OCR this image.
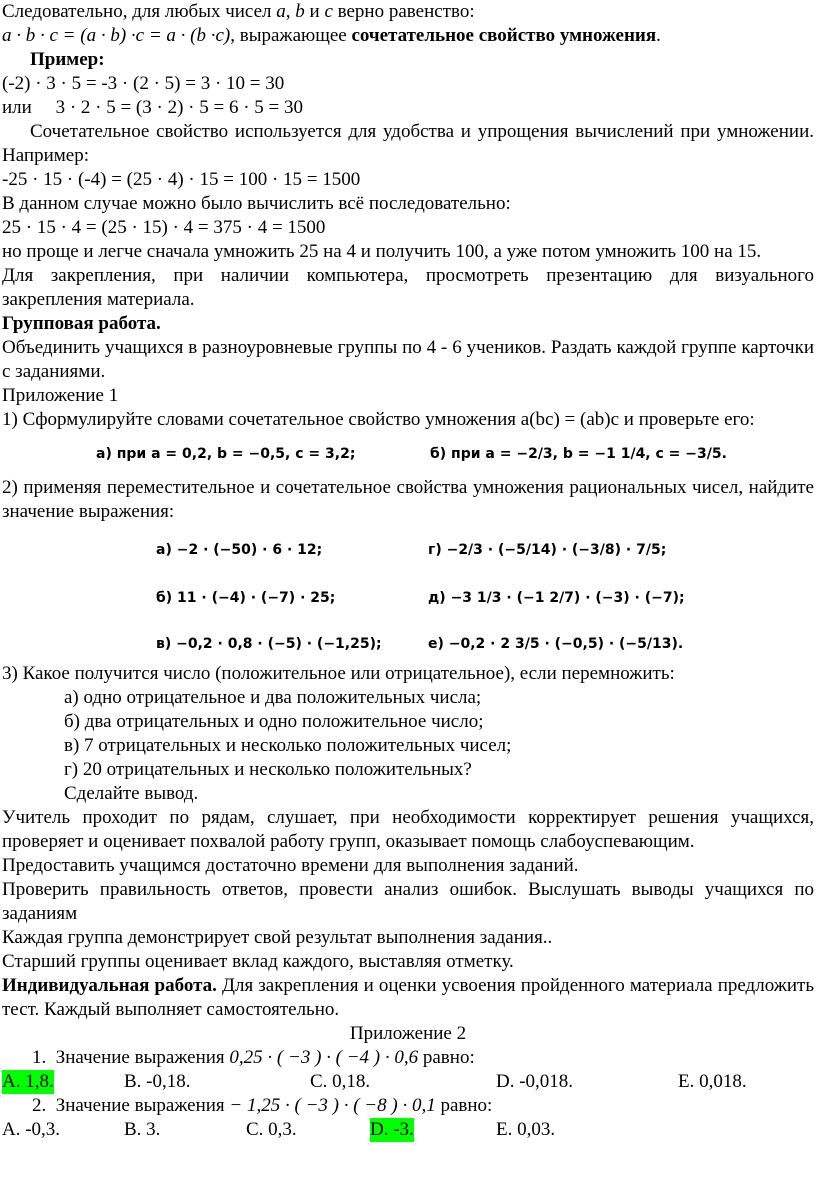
Следовательно, для любых чисел a, b и c верно равенство:

a · b · c = (a · b) ·c = a · (b ·c), выражающее сочетательное свойство умножения.

Пример:

(-2) · 3 · 5 = -3 · (2 · 5) = 3 · 10 = 30

или     3 · 2 · 5 = (3 · 2) · 5 = 6 · 5 = 30

Сочетательное свойство используется для удобства и упрощения вычислений при умножении. Например:

-25 · 15 · (-4) = (25 · 4) · 15 = 100 · 15 = 1500

В данном случае можно было вычислить всё последовательно:

25 · 15 · 4 = (25 · 15) · 4 = 375 · 4 = 1500

но проще и легче сначала умножить 25 на 4 и получить 100, а уже потом умножить 100 на 15.

Для закрепления, при наличии компьютера, просмотреть презентацию для визуального закрепления материала.

Групповая работа.

Объединить учащихся в разноуровневые группы по 4 - 6 учеников. Раздать каждой группе карточки с заданиями.

Приложение 1

1) Сформулируйте словами сочетательное свойство умножения a(bc) = (ab)c и проверьте его:

а) при a = 0,2, b = −0,5, c = 3,2;	б) при a = −2/3, b = −1 1/4, c = −3/5.

2) применяя переместительное и сочетательное свойства умножения рациональных чисел, найдите значение выражения:

а) −2 · (−50) · 6 · 12;	г) −2/3 · (−5/14) · (−3/8) · 7/5;
б) 11 · (−4) · (−7) · 25;	д) −3 1/3 · (−1 2/7) · (−3) · (−7);
в) −0,2 · 0,8 · (−5) · (−1,25);	е) −0,2 · 2 3/5 · (−0,5) · (−5/13).

3) Какое получится число (положительное или отрицательное), если перемножить:

а) одно отрицательное и два положительных числа;

б) два отрицательных и одно положительное число;

в) 7 отрицательных и несколько положительных чисел;

г) 20 отрицательных и несколько положительных?

Сделайте вывод.

Учитель проходит по рядам, слушает, при необходимости корректирует решения учащихся, проверяет и оценивает похвалой работу групп, оказывает помощь слабоуспевающим.

Предоставить учащимся достаточно времени для выполнения заданий.

Проверить правильность ответов, провести анализ ошибок. Выслушать выводы учащихся по заданиям

Каждая группа демонстрирует свой результат выполнения задания..

Старший группы оценивает вклад каждого, выставляя отметку.

Индивидуальная работа. Для закрепления и оценки усвоения пройденного материала предложить тест. Каждый выполняет самостоятельно.

Приложение 2

1. Значение выражения 0,25 · ( −3 ) · ( −4 ) · 0,6 равно:

A. 1,8.	B. -0,18.	C. 0,18.	D. -0,018.	E. 0,018.

2. Значение выражения − 1,25 · ( −3 ) · ( −8 ) · 0,1 равно:

A. -0,3.	B. 3.	C. 0,3.	D. -3.	E. 0,03.
